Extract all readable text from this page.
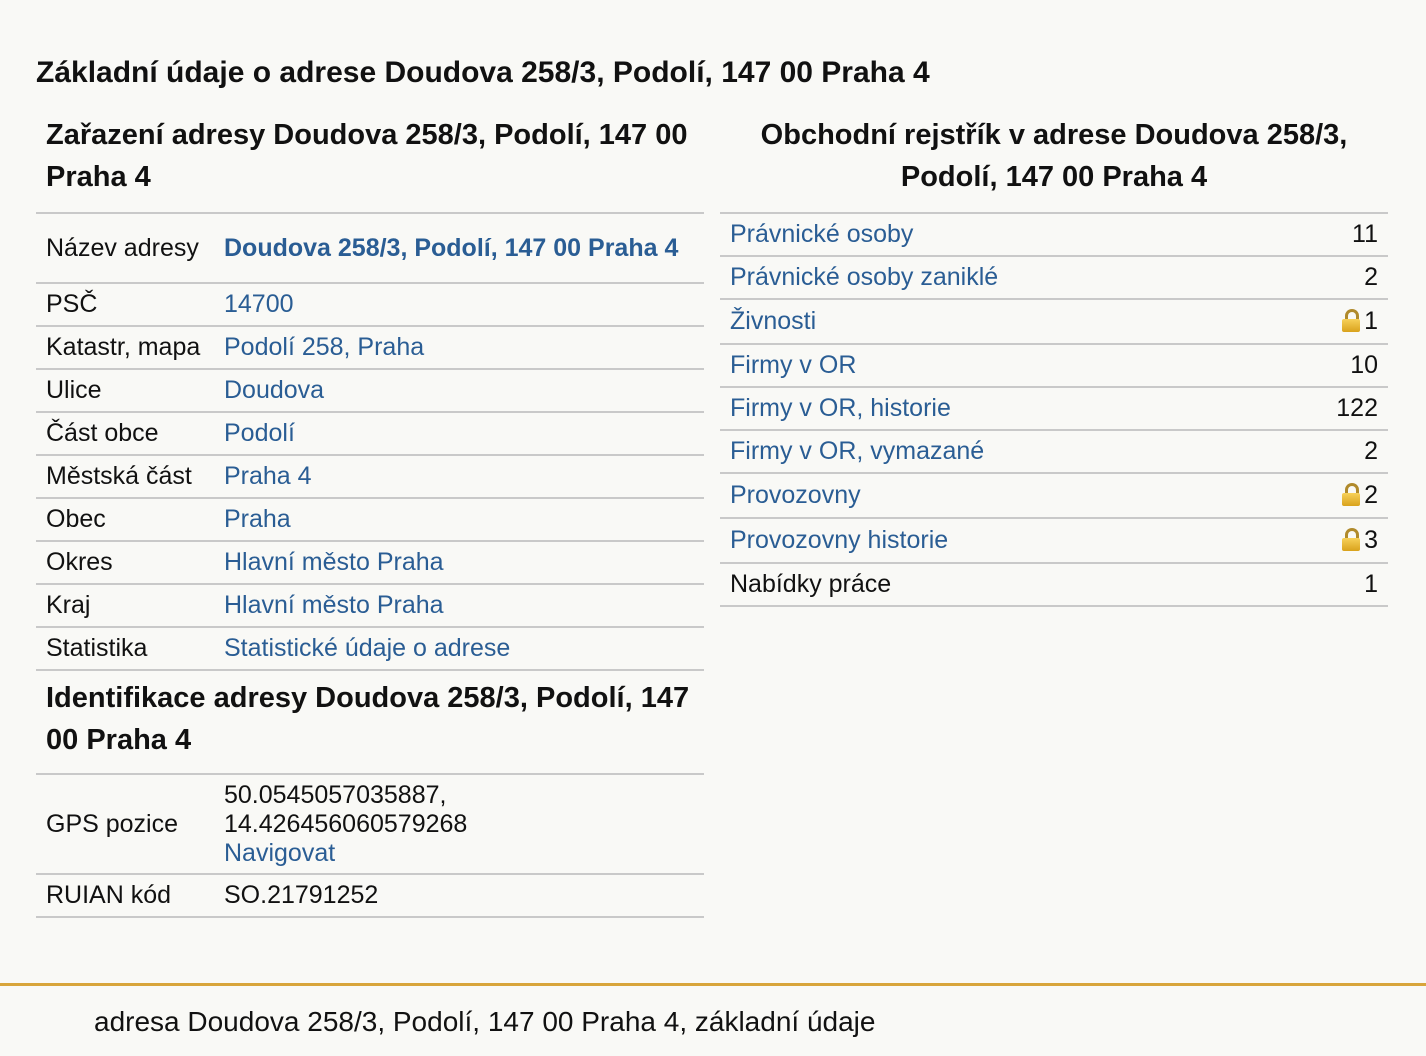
Základní údaje o adrese Doudova 258/3, Podolí, 147 00 Praha 4
Zařazení adresy Doudova 258/3, Podolí, 147 00 Praha 4
Název adresy	Doudova 258/3, Podolí, 147 00 Praha 4
PSČ	14700
Katastr, mapa	Podolí 258, Praha
Ulice	Doudova
Část obce	Podolí
Městská část	Praha 4
Obec	Praha
Okres	Hlavní město Praha
Kraj	Hlavní město Praha
Statistika	Statistické údaje o adrese
Identifikace adresy Doudova 258/3, Podolí, 147 00 Praha 4
GPS pozice	50.0545057035887,
14.426456060579268
Navigovat
RUIAN kód	SO.21791252
Obchodní rejstřík v adrese Doudova 258/3, Podolí, 147 00 Praha 4
Právnické osoby	11
Právnické osoby zaniklé	2
Živnosti	1
Firmy v OR	10
Firmy v OR, historie	122
Firmy v OR, vymazané	2
Provozovny	2
Provozovny historie	3
Nabídky práce	1
adresa Doudova 258/3, Podolí, 147 00 Praha 4, základní údaje
